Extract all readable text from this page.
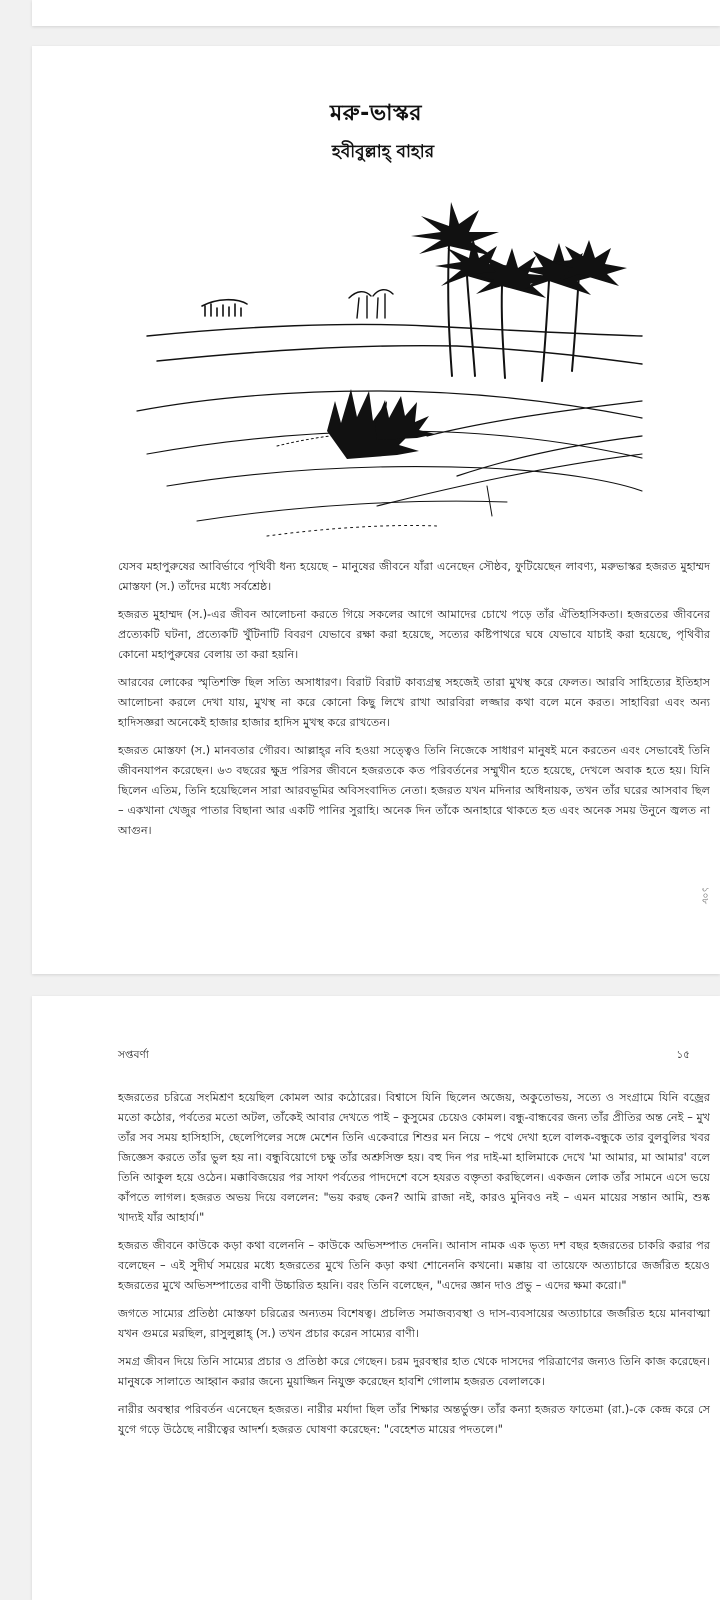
মরু-ভাস্কর
হবীবুল্লাহ্‌ বাহার

যেসব মহাপুরুষের আবির্ভাবে পৃথিবী ধন্য হয়েছে – মানুষের জীবনে যাঁরা এনেছেন সৌষ্ঠব, ফুটিয়েছেন লাবণ্য, মরুভাস্কর হজরত মুহাম্মদ মোস্তফা (স.) তাঁদের মধ্যে সর্বশ্রেষ্ঠ।

হজরত মুহাম্মদ (স.)-এর জীবন আলোচনা করতে গিয়ে সকলের আগে আমাদের চোখে পড়ে তাঁর ঐতিহাসিকতা। হজরতের জীবনের প্রত্যেকটি ঘটনা, প্রত্যেকটি খুঁটিনাটি বিবরণ যেভাবে রক্ষা করা হয়েছে, সত্যের কষ্টিপাথরে ঘষে যেভাবে যাচাই করা হয়েছে, পৃথিবীর কোনো মহাপুরুষের বেলায় তা করা হয়নি।

আরবের লোকের স্মৃতিশক্তি ছিল সত্যি অসাধারণ। বিরাট বিরাট কাব্যগ্রন্থ সহজেই তারা মুখস্থ করে ফেলত। আরবি সাহিত্যের ইতিহাস আলোচনা করলে দেখা যায়, মুখস্থ না করে কোনো কিছু লিখে রাখা আরবিরা লজ্জার কথা বলে মনে করত। সাহাবিরা এবং অন্য হাদিসজ্ঞরা অনেকেই হাজার হাজার হাদিস মুখস্থ করে রাখতেন।

হজরত মোস্তফা (স.) মানবতার গৌরব। আল্লাহ্‌র নবি হওয়া সত্ত্বেও তিনি নিজেকে সাধারণ মানুষই মনে করতেন এবং সেভাবেই তিনি জীবনযাপন করেছেন। ৬৩ বছরের ক্ষুদ্র পরিসর জীবনে হজরতকে কত পরিবর্তনের সম্মুখীন হতে হয়েছে, দেখলে অবাক হতে হয়। যিনি ছিলেন এতিম, তিনি হয়েছিলেন সারা আরবভূমির অবিসংবাদিত নেতা। হজরত যখন মদিনার অধিনায়ক, তখন তাঁর ঘরের আসবাব ছিল – একখানা খেজুর পাতার বিছানা আর একটি পানির সুরাহি। অনেক দিন তাঁকে অনাহারে থাকতে হত এবং অনেক সময় উনুনে জ্বলত না আগুন।

১০৮
সপ্তবর্ণা	১৫

হজরতের চরিত্রে সংমিশ্রণ হয়েছিল কোমল আর কঠোরের। বিশ্বাসে যিনি ছিলেন অজেয়, অকুতোভয়, সত্যে ও সংগ্রামে যিনি বজ্রের মতো কঠোর, পর্বতের মতো অটল, তাঁকেই আবার দেখতে পাই – কুসুমের চেয়েও কোমল। বন্ধু-বান্ধবের জন্য তাঁর প্রীতির অন্ত নেই – মুখ তাঁর সব সময় হাসিহাসি, ছেলেপিলের সঙ্গে মেশেন তিনি একেবারে শিশুর মন নিয়ে – পথে দেখা হলে বালক-বন্ধুকে তার বুলবুলির খবর জিজ্ঞেস করতে তাঁর ভুল হয় না। বন্ধুবিয়োগে চক্ষু তাঁর অশ্রুসিক্ত হয়। বহু দিন পর দাই-মা হালিমাকে দেখে 'মা আমার, মা আমার' বলে তিনি আকুল হয়ে ওঠেন। মক্কাবিজয়ের পর সাফা পর্বতের পাদদেশে বসে হযরত বক্তৃতা করছিলেন। একজন লোক তাঁর সামনে এসে ভয়ে কাঁপতে লাগল। হজরত অভয় দিয়ে বললেন: "ভয় করছ কেন? আমি রাজা নই, কারও মুনিবও নই – এমন মায়ের সন্তান আমি, শুষ্ক খাদ্যই যাঁর আহার্য।"

হজরত জীবনে কাউকে কড়া কথা বলেননি – কাউকে অভিসম্পাত দেননি। আনাস নামক এক ভৃত্য দশ বছর হজরতের চাকরি করার পর বলেছেন – এই সুদীর্ঘ সময়ের মধ্যে হজরতের মুখে তিনি কড়া কথা শোনেননি কখনো। মক্কায় বা তায়েফে অত্যাচারে জর্জরিত হয়েও হজরতের মুখে অভিসম্পাতের বাণী উচ্চারিত হয়নি। বরং তিনি বলেছেন, "এদের জ্ঞান দাও প্রভু – এদের ক্ষমা করো।"

জগতে সাম্যের প্রতিষ্ঠা মোস্তফা চরিত্রের অন্যতম বিশেষত্ব। প্রচলিত সমাজব্যবস্থা ও দাস-ব্যবসায়ের অত্যাচারে জর্জরিত হয়ে মানবাত্মা যখন গুমরে মরছিল, রাসুলুল্লাহ্‌ (স.) তখন প্রচার করেন সাম্যের বাণী।

সমগ্র জীবন দিয়ে তিনি সাম্যের প্রচার ও প্রতিষ্ঠা করে গেছেন। চরম দুরবস্থার হাত থেকে দাসদের পরিত্রাণের জন্যও তিনি কাজ করেছেন। মানুষকে সালাতে আহ্বান করার জন্যে মুয়াজ্জিন নিযুক্ত করেছেন হাবশি গোলাম হজরত বেলালকে।

নারীর অবস্থার পরিবর্তন এনেছেন হজরত। নারীর মর্যাদা ছিল তাঁর শিক্ষার অন্তর্ভুক্ত। তাঁর কন্যা হজরত ফাতেমা (রা.)-কে কেন্দ্র করে সে যুগে গড়ে উঠেছে নারীত্বের আদর্শ। হজরত ঘোষণা করেছেন: "বেহেশত মায়ের পদতলে।"
